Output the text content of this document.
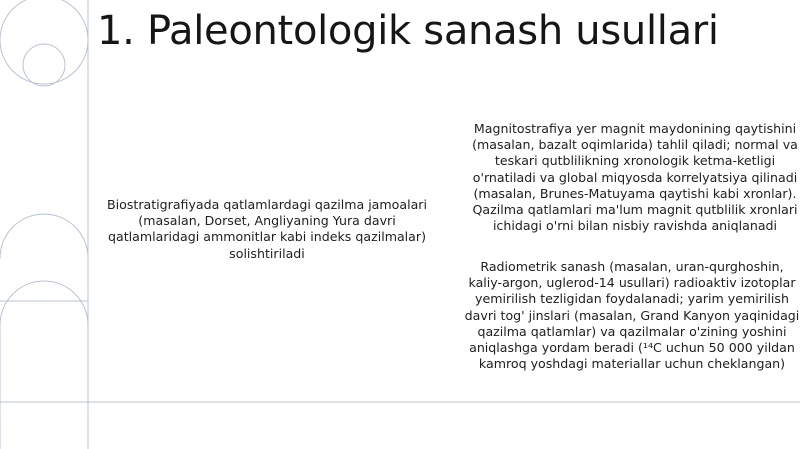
1. Paleontologik sanash usullari
Biostratigrafiyada qatlamlardagi qazilma jamoalari (masalan, Dorset, Angliyaning Yura davri qatlamlaridagi ammonitlar kabi indeks qazilmalar) solishtiriladi
Magnitostrafiya yer magnit maydonining qaytishini (masalan, bazalt oqimlarida) tahlil qiladi; normal va teskari qutblilikning xronologik ketma-ketligi o'rnatiladi va global miqyosda korrelyatsiya qilinadi (masalan, Brunes-Matuyama qaytishi kabi xronlar). Qazilma qatlamlari ma'lum magnit qutblilik xronlari ichidagi o'rni bilan nisbiy ravishda aniqlanadi
Radiometrik sanash (masalan, uran-qurghoshin, kaliy-argon, uglerod-14 usullari) radioaktiv izotoplar yemirilish tezligidan foydalanadi; yarim yemirilish davri tog' jinslari (masalan, Grand Kanyon yaqinidagi qazilma qatlamlar) va qazilmalar o'zining yoshini aniqlashga yordam beradi (¹⁴C uchun 50 000 yildan kamroq yoshdagi materiallar uchun cheklangan)
